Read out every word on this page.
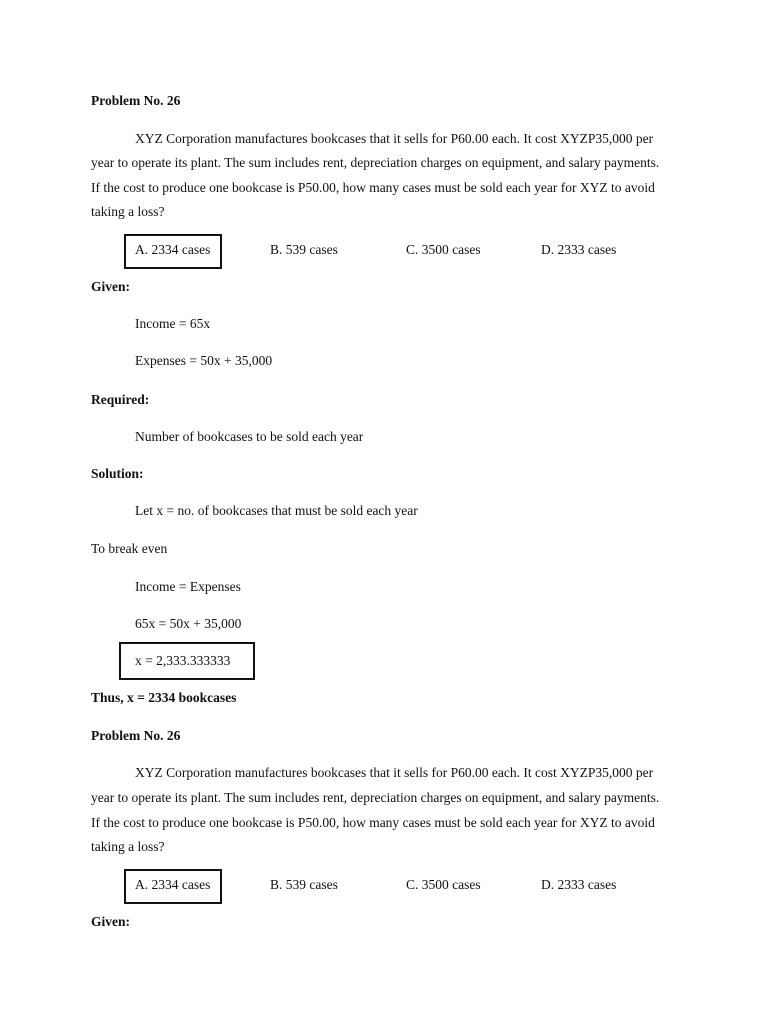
Problem No. 26
XYZ Corporation manufactures bookcases that it sells for P60.00 each. It cost XYZP35,000 per
year to operate its plant. The sum includes rent, depreciation charges on equipment, and salary payments.
If the cost to produce one bookcase is P50.00, how many cases must be sold each year for XYZ to avoid
taking a loss?
A. 2334 cases	B. 539 cases	C. 3500 cases	D. 2333 cases
Given:
Income = 65x
Expenses = 50x + 35,000
Required:
Number of bookcases to be sold each year
Solution:
Let x = no. of bookcases that must be sold each year
To break even
Income = Expenses
65x = 50x + 35,000
x = 2,333.333333
Thus, x = 2334 bookcases
Problem No. 26
XYZ Corporation manufactures bookcases that it sells for P60.00 each. It cost XYZP35,000 per
year to operate its plant. The sum includes rent, depreciation charges on equipment, and salary payments.
If the cost to produce one bookcase is P50.00, how many cases must be sold each year for XYZ to avoid
taking a loss?
A. 2334 cases	B. 539 cases	C. 3500 cases	D. 2333 cases
Given:
